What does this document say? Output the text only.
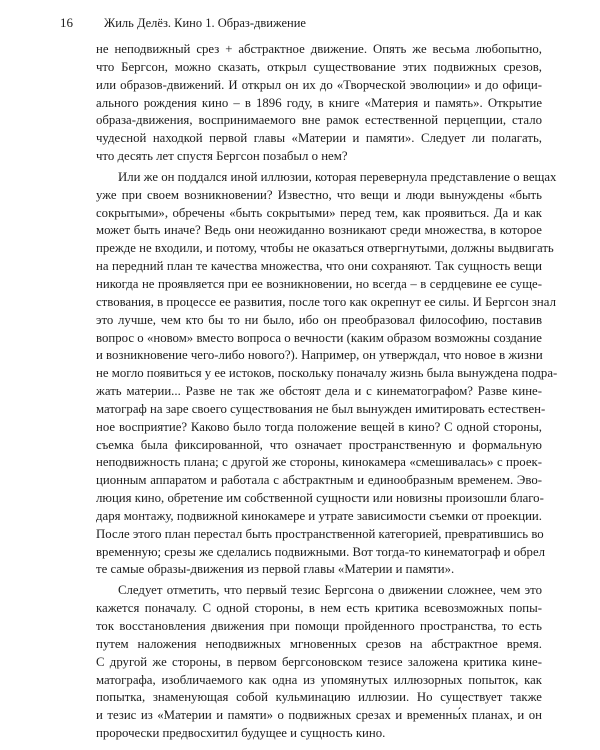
16 Жиль Делёз. Кино 1. Образ-движение
не неподвижный срез + абстрактное движение. Опять же весьма любопытно,
что Бергсон, можно сказать, открыл существование этих подвижных срезов,
или образов-движений. И открыл он их до «Творческой эволюции» и до офици-
ального рождения кино – в 1896 году, в книге «Материя и память». Открытие
образа-движения, воспринимаемого вне рамок естественной перцепции, стало
чудесной находкой первой главы «Материи и памяти». Следует ли полагать,
что десять лет спустя Бергсон позабыл о нем?
Или же он поддался иной иллюзии, которая перевернула представление о вещах
уже при своем возникновении? Известно, что вещи и люди вынуждены «быть
сокрытыми», обречены «быть сокрытыми» перед тем, как проявиться. Да и как
может быть иначе? Ведь они неожиданно возникают среди множества, в которое
прежде не входили, и потому, чтобы не оказаться отвергнутыми, должны выдвигать
на передний план те качества множества, что они сохраняют. Так сущность вещи
никогда не проявляется при ее возникновении, но всегда – в сердцевине ее суще-
ствования, в процессе ее развития, после того как окрепнут ее силы. И Бергсон знал
это лучше, чем кто бы то ни было, ибо он преобразовал философию, поставив
вопрос о «новом» вместо вопроса о вечности (каким образом возможны создание
и возникновение чего-либо нового?). Например, он утверждал, что новое в жизни
не могло появиться у ее истоков, поскольку поначалу жизнь была вынуждена подра-
жать материи... Разве не так же обстоят дела и с кинематографом? Разве кине-
матограф на заре своего существования не был вынужден имитировать естествен-
ное восприятие? Каково было тогда положение вещей в кино? С одной стороны,
съемка была фиксированной, что означает пространственную и формальную
неподвижность плана; с другой же стороны, кинокамера «смешивалась» с проек-
ционным аппаратом и работала с абстрактным и единообразным временем. Эво-
люция кино, обретение им собственной сущности или новизны произошли благо-
даря монтажу, подвижной кинокамере и утрате зависимости съемки от проекции.
После этого план перестал быть пространственной категорией, превратившись во
временную; срезы же сделались подвижными. Вот тогда-то кинематограф и обрел
те самые образы-движения из первой главы «Материи и памяти».
Следует отметить, что первый тезис Бергсона о движении сложнее, чем это
кажется поначалу. С одной стороны, в нем есть критика всевозможных попы-
ток восстановления движения при помощи пройденного пространства, то есть
путем наложения неподвижных мгновенных срезов на абстрактное время.
С другой же стороны, в первом бергсоновском тезисе заложена критика кине-
матографа, изобличаемого как одна из упомянутых иллюзорных попыток, как
попытка, знаменующая собой кульминацию иллюзии. Но существует также
и тезис из «Материи и памяти» о подвижных срезах и временны́х планах, и он
пророчески предвосхитил будущее и сущность кино.
